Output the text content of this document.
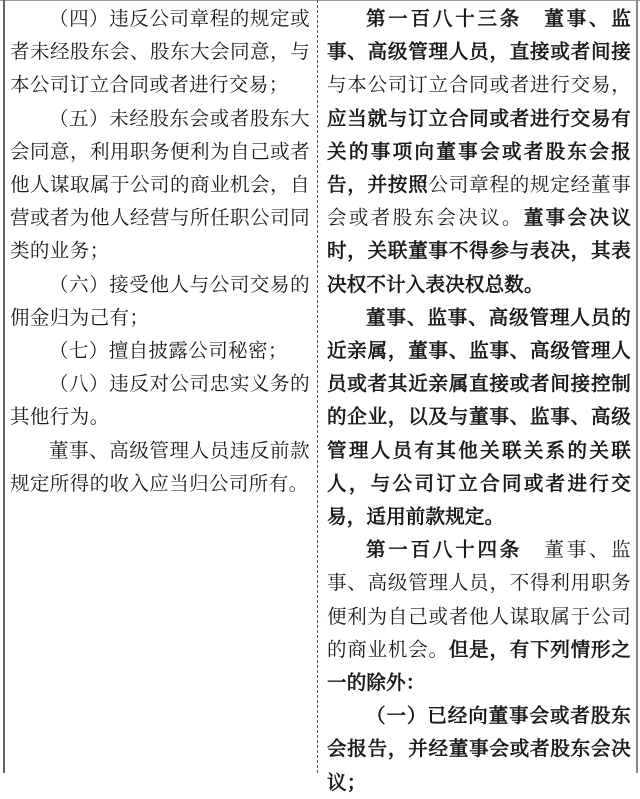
（四）违反公司章程的规定或者未经股东会、股东大会同意，与本公司订立合同或者进行交易；

（五）未经股东会或者股东大会同意，利用职务便利为自己或者他人谋取属于公司的商业机会，自营或者为他人经营与所任职公司同类的业务；

（六）接受他人与公司交易的佣金归为己有；

（七）擅自披露公司秘密；

（八）违反对公司忠实义务的其他行为。

董事、高级管理人员违反前款规定所得的收入应当归公司所有。

第一百八十三条　 董事、监事、高级管理人员，直接或者间接与本公司订立合同或者进行交易，应当就与订立合同或者进行交易有关的事项向董事会或者股东会报告，并按照公司章程的规定经董事会或者股东会决议。董事会决议时，关联董事不得参与表决，其表决权不计入表决权总数。

董事、监事、高级管理人员的近亲属，董事、监事、高级管理人员或者其近亲属直接或者间接控制的企业，以及与董事、监事、高级管理人员有其他关联关系的关联人，与公司订立合同或者进行交易，适用前款规定。

第一百八十四条　 董事、监事、高级管理人员，不得利用职务便利为自己或者他人谋取属于公司的商业机会。但是，有下列情形之一的除外：

（一）已经向董事会或者股东会报告，并经董事会或者股东会决议；
